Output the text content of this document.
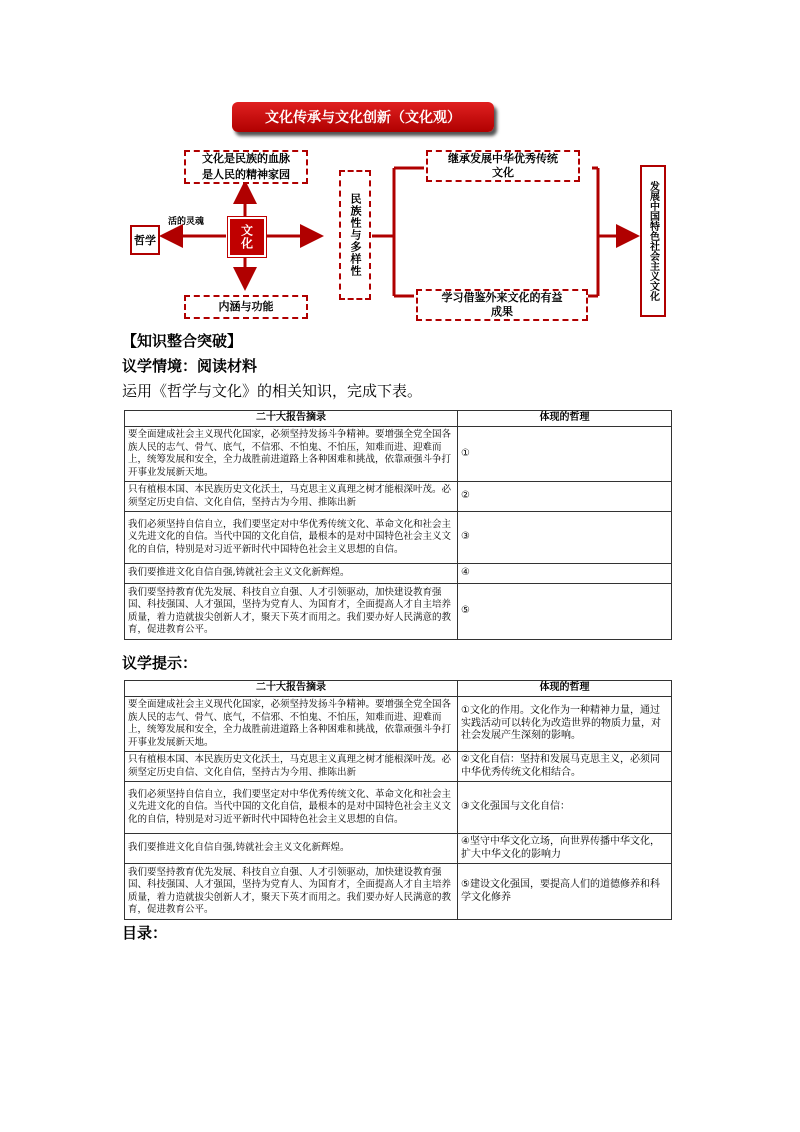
文化传承与文化创新（文化观）
文化是民族的血脉
是人民的精神家园
活的灵魂
哲学	文化
内涵与功能
民族性与多样性
继承发展中华优秀传统
文化
学习借鉴外来文化的有益
成果
发展中国特色社会主义文化
【知识整合突破】
议学情境：阅读材料
运用《哲学与文化》的相关知识，完成下表。
二十大报告摘录	体现的哲理
要全面建成社会主义现代化国家，必须坚持发扬斗争精神。要增强全党全国各族人民的志气、骨气、底气，不信邪、不怕鬼、不怕压，知难而进、迎难而上，统筹发展和安全，全力战胜前进道路上各种困难和挑战，依靠顽强斗争打开事业发展新天地。	①
只有植根本国、本民族历史文化沃土，马克思主义真理之树才能根深叶茂。必须坚定历史自信、文化自信，坚持古为今用、推陈出新	②
我们必须坚持自信自立，我们要坚定对中华优秀传统文化、革命文化和社会主义先进文化的自信。当代中国的文化自信，最根本的是对中国特色社会主义文化的自信，特别是对习近平新时代中国特色社会主义思想的自信。	③
我们要推进文化自信自强,铸就社会主义文化新辉煌。	④
我们要坚持教育优先发展、科技自立自强、人才引领驱动，加快建设教育强国、科技强国、人才强国，坚持为党育人、为国育才，全面提高人才自主培养质量，着力造就拔尖创新人才，聚天下英才而用之。我们要办好人民满意的教育，促进教育公平。	⑤
议学提示：
二十大报告摘录	体现的哲理
要全面建成社会主义现代化国家，必须坚持发扬斗争精神。要增强全党全国各族人民的志气、骨气、底气，不信邪、不怕鬼、不怕压，知难而进、迎难而上，统筹发展和安全，全力战胜前进道路上各种困难和挑战，依靠顽强斗争打开事业发展新天地。	①文化的作用。文化作为一种精神力量，通过实践活动可以转化为改造世界的物质力量，对社会发展产生深刻的影响。
只有植根本国、本民族历史文化沃土，马克思主义真理之树才能根深叶茂。必须坚定历史自信、文化自信，坚持古为今用、推陈出新	②文化自信：坚持和发展马克思主义，必须同中华优秀传统文化相结合。
我们必须坚持自信自立，我们要坚定对中华优秀传统文化、革命文化和社会主义先进文化的自信。当代中国的文化自信，最根本的是对中国特色社会主义文化的自信，特别是对习近平新时代中国特色社会主义思想的自信。	③文化强国与文化自信：
我们要推进文化自信自强,铸就社会主义文化新辉煌。	④坚守中华文化立场，向世界传播中华文化，扩大中华文化的影响力
我们要坚持教育优先发展、科技自立自强、人才引领驱动，加快建设教育强国、科技强国、人才强国，坚持为党育人、为国育才，全面提高人才自主培养质量，着力造就拔尖创新人才，聚天下英才而用之。我们要办好人民满意的教育，促进教育公平。	⑤建设文化强国，要提高人们的道德修养和科学文化修养
目录：
